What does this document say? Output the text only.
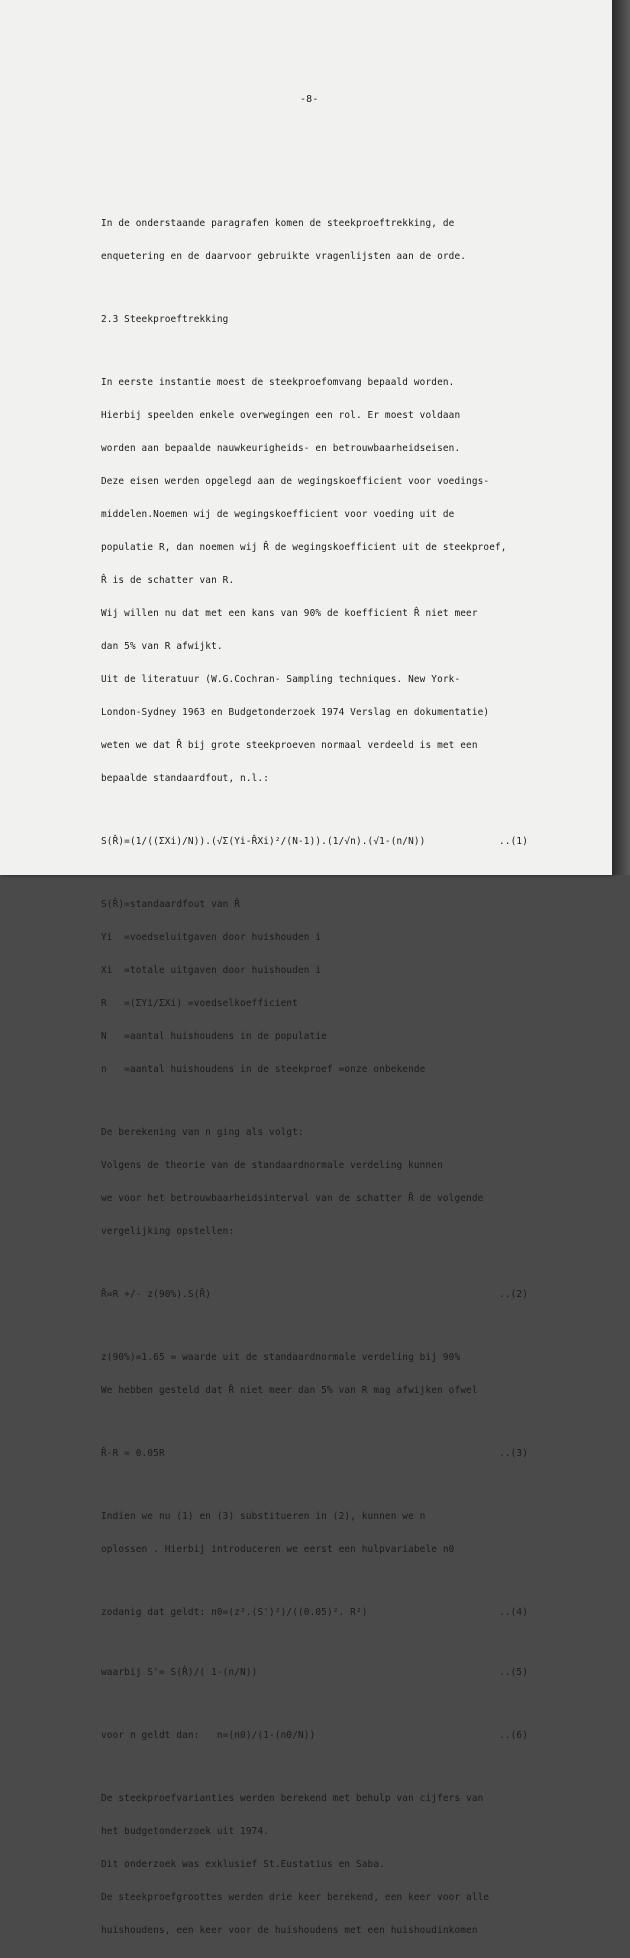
-8-

In de onderstaande paragrafen komen de steekproeftrekking, de

enquetering en de daarvoor gebruikte vragenlijsten aan de orde.

2.3 Steekproeftrekking

In eerste instantie moest de steekproefomvang bepaald worden.

Hierbij speelden enkele overwegingen een rol. Er moest voldaan

worden aan bepaalde nauwkeurigheids- en betrouwbaarheidseisen.

Deze eisen werden opgelegd aan de wegingskoefficient voor voedings-

middelen.Noemen wij de wegingskoefficient voor voeding uit de

populatie R, dan noemen wij R̂ de wegingskoefficient uit de steekproef,

R̂ is de schatter van R.

Wij willen nu dat met een kans van 90% de koefficient R̂ niet meer

dan 5% van R afwijkt.

Uit de literatuur (W.G.Cochran- Sampling techniques. New York-

London-Sydney 1963 en Budgetonderzoek 1974 Verslag en dokumentatie)

weten we dat R̂ bij grote steekproeven normaal verdeeld is met een

bepaalde standaardfout, n.l.:

S(R̂)=(1/((ΣXi)/N)).(√Σ(Yi-R̂Xi)²/(N-1)).(1/√n).(√1-(n/N))	..(1)

S(R̂)=standaardfout van R̂

Yi  =voedseluitgaven door huishouden i

Xi  =totale uitgaven door huishouden i

R   =(ΣYi/ΣXi) =voedselkoefficient

N   =aantal huishoudens in de populatie

n   =aantal huishoudens in de steekproef =onze onbekende

De berekening van n ging als volgt:

Volgens de theorie van de standaardnormale verdeling kunnen

we voor het betrouwbaarheidsinterval van de schatter R̂ de volgende

vergelijking opstellen:

R̂=R +/- z(90%).S(R̂)	..(2)

z(90%)=1.65 = waarde uit de standaardnormale verdeling bij 90%

We hebben gesteld dat R̂ niet meer dan 5% van R mag afwijken ofwel

R̂-R = 0.05R	..(3)

Indien we nu (1) en (3) substitueren in (2), kunnen we n

oplossen . Hierbij introduceren we eerst een hulpvariabele n0

zodanig dat geldt: n0=(z².(S')²)/((0.05)². R²)	..(4)

waarbij S'= S(R̂)/( 1-(n/N))	..(5)

voor n geldt dan:   n=(n0)/(1-(n0/N))	..(6)

De steekproefvarianties werden berekend met behulp van cijfers van

het budgetonderzoek uit 1974.

Dit onderzoek was exklusief St.Eustatius en Saba.

De steekproefgroottes werden drie keer berekend, een keer voor alle

huishoudens, een keer voor de huishoudens met een huishoudinkomen
